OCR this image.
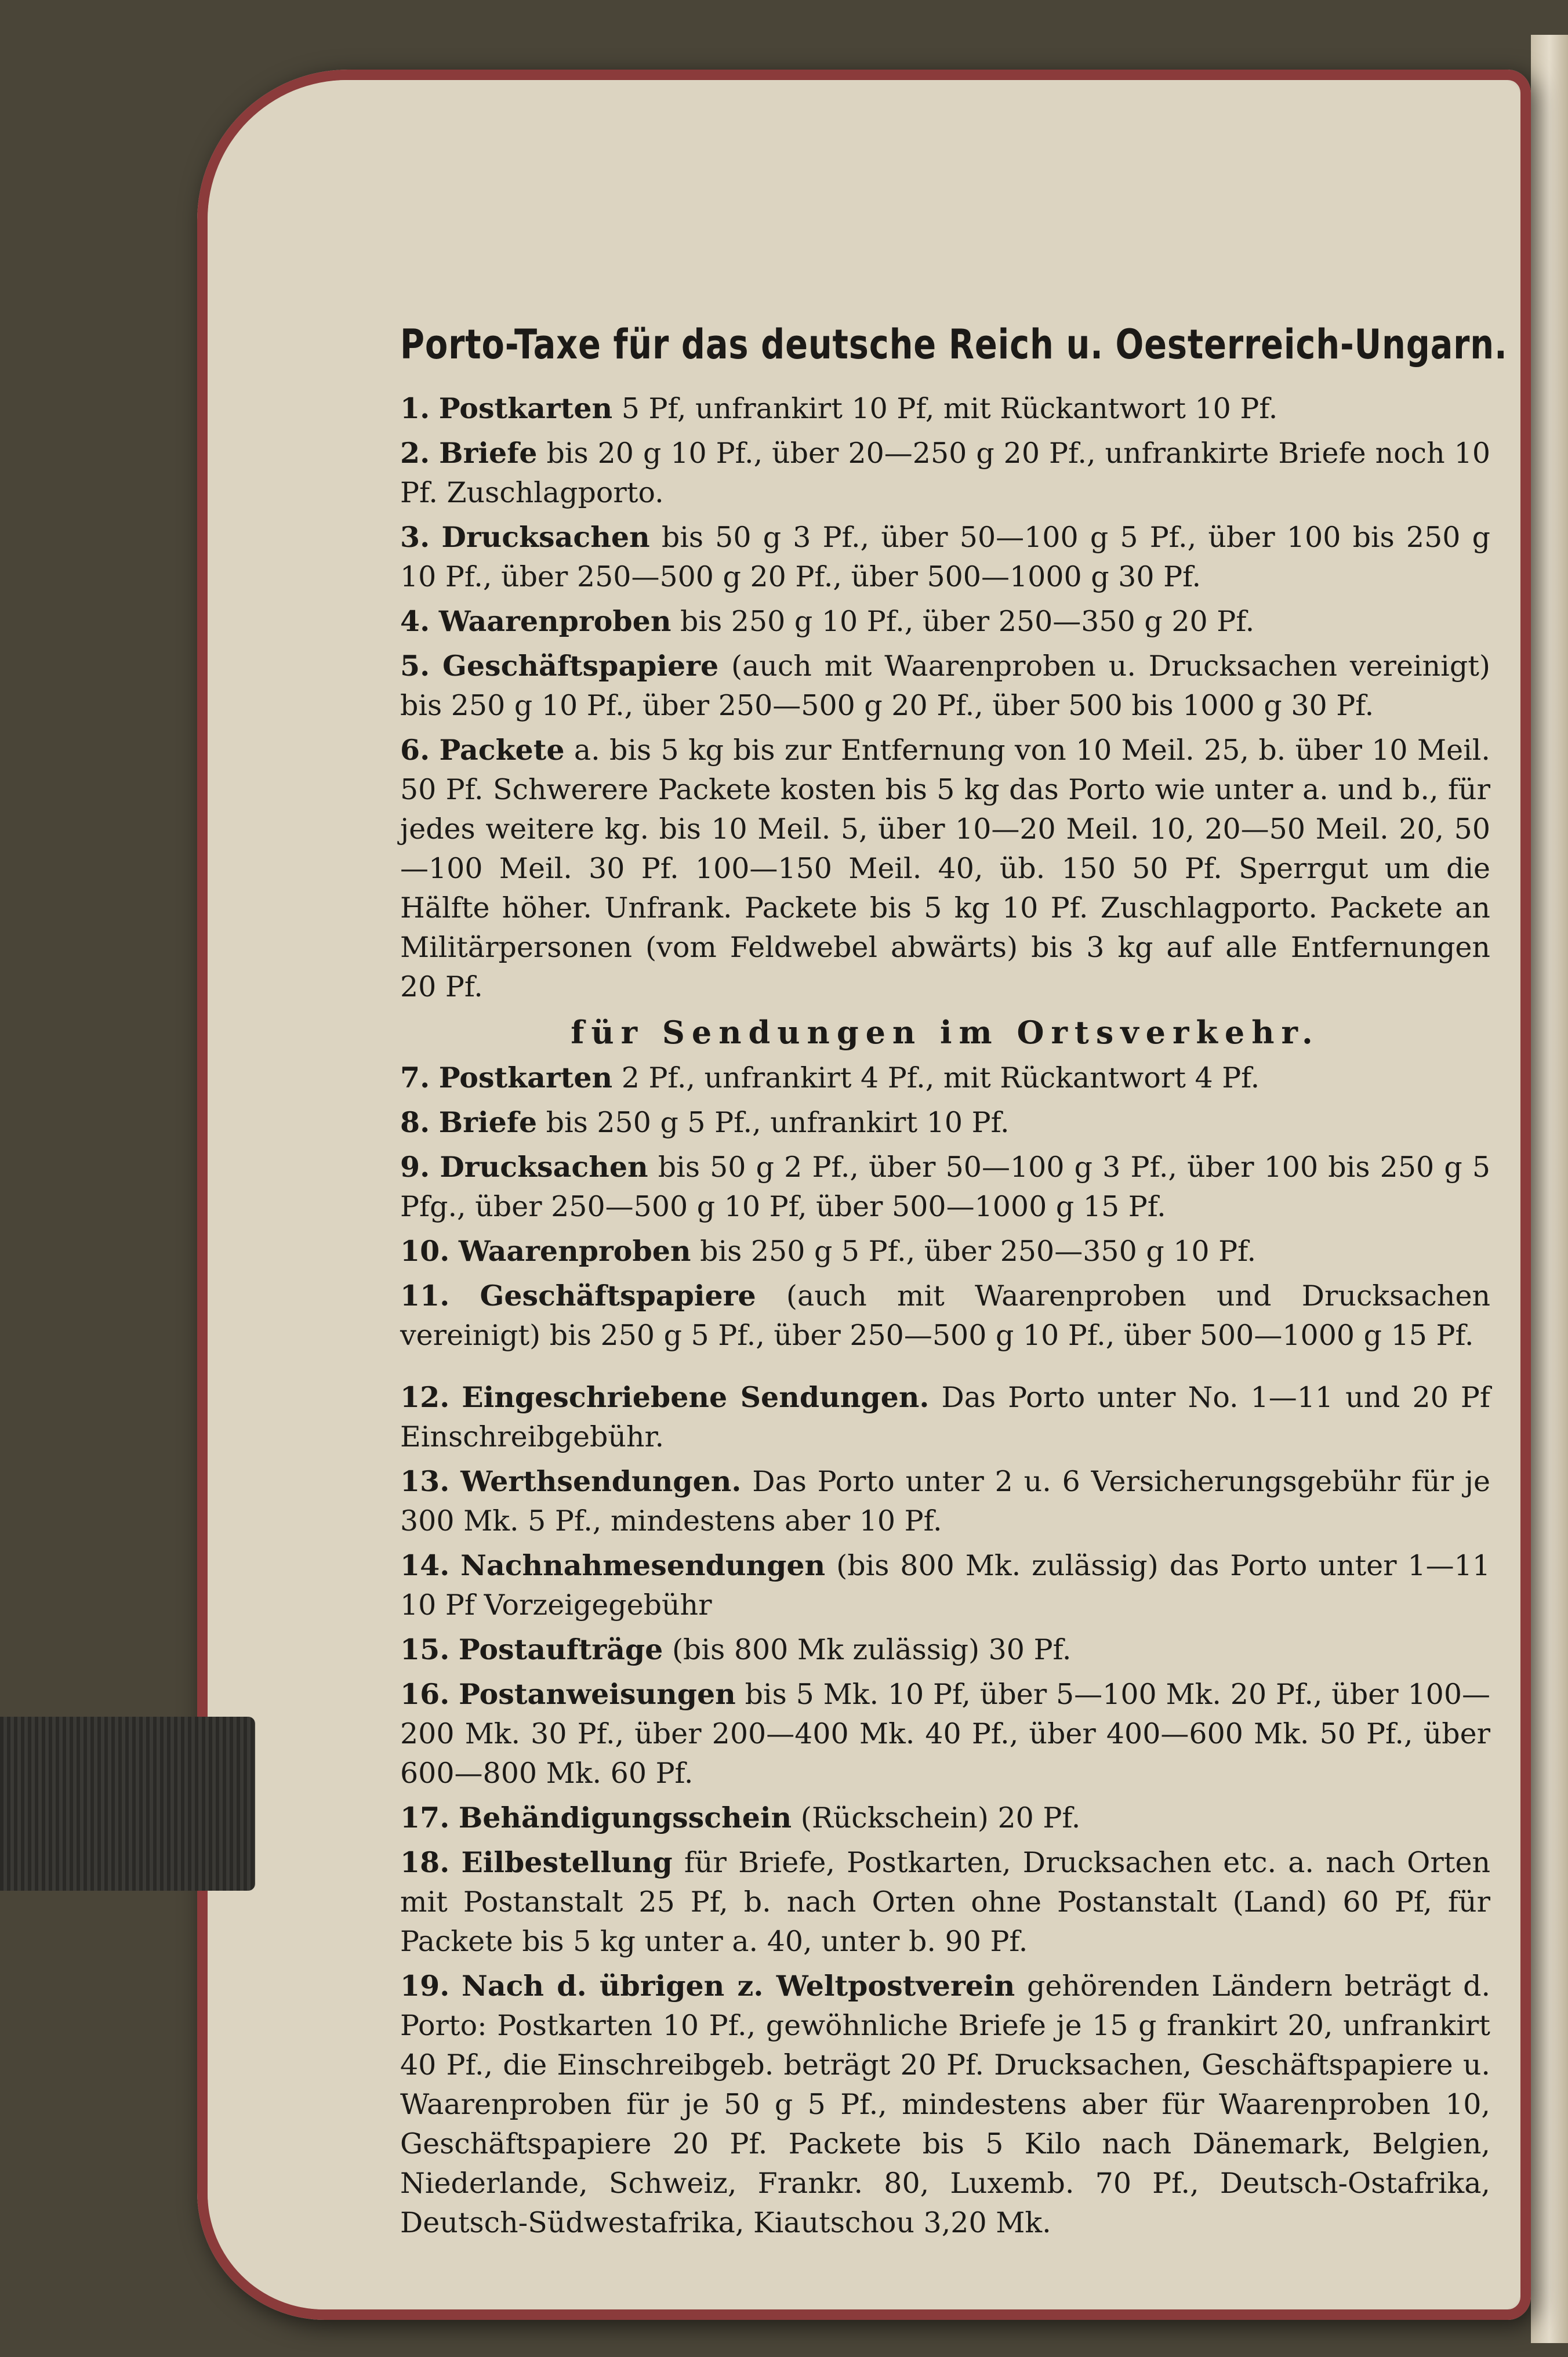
Porto-Taxe für das deutsche Reich u. Oesterreich-Ungarn.
1. Postkarten 5 Pf, unfrankirt 10 Pf, mit Rückantwort 10 Pf.
2. Briefe bis 20 g 10 Pf., über 20—250 g 20 Pf., unfrankirte Briefe noch 10 Pf. Zuschlagporto.
3. Drucksachen bis 50 g 3 Pf., über 50—100 g 5 Pf., über 100 bis 250 g 10 Pf., über 250—500 g 20 Pf., über 500—1000 g 30 Pf.
4. Waarenproben bis 250 g 10 Pf., über 250—350 g 20 Pf.
5. Geschäftspapiere (auch mit Waarenproben u. Drucksachen vereinigt) bis 250 g 10 Pf., über 250—500 g 20 Pf., über 500 bis 1000 g 30 Pf.
6. Packete a. bis 5 kg bis zur Entfernung von 10 Meil. 25, b. über 10 Meil. 50 Pf. Schwerere Packete kosten bis 5 kg das Porto wie unter a. und b., für jedes weitere kg. bis 10 Meil. 5, über 10—20 Meil. 10, 20—50 Meil. 20, 50—100 Meil. 30 Pf. 100—150 Meil. 40, üb. 150 50 Pf. Sperrgut um die Hälfte höher. Unfrank. Packete bis 5 kg 10 Pf. Zuschlagporto. Packete an Militärpersonen (vom Feldwebel abwärts) bis 3 kg auf alle Entfernungen 20 Pf.
für Sendungen im Ortsverkehr.
7. Postkarten 2 Pf., unfrankirt 4 Pf., mit Rückantwort 4 Pf.
8. Briefe bis 250 g 5 Pf., unfrankirt 10 Pf.
9. Drucksachen bis 50 g 2 Pf., über 50—100 g 3 Pf., über 100 bis 250 g 5 Pfg., über 250—500 g 10 Pf, über 500—1000 g 15 Pf.
10. Waarenproben bis 250 g 5 Pf., über 250—350 g 10 Pf.
11. Geschäftspapiere (auch mit Waarenproben und Drucksachen vereinigt) bis 250 g 5 Pf., über 250—500 g 10 Pf., über 500—1000 g 15 Pf.
12. Eingeschriebene Sendungen. Das Porto unter No. 1—11 und 20 Pf Einschreibgebühr.
13. Werthsendungen. Das Porto unter 2 u. 6 Versicherungsgebühr für je 300 Mk. 5 Pf., mindestens aber 10 Pf.
14. Nachnahmesendungen (bis 800 Mk. zulässig) das Porto unter 1—11 10 Pf Vorzeigegebühr
15. Postaufträge (bis 800 Mk zulässig) 30 Pf.
16. Postanweisungen bis 5 Mk. 10 Pf, über 5—100 Mk. 20 Pf., über 100—200 Mk. 30 Pf., über 200—400 Mk. 40 Pf., über 400—600 Mk. 50 Pf., über 600—800 Mk. 60 Pf.
17. Behändigungsschein (Rückschein) 20 Pf.
18. Eilbestellung für Briefe, Postkarten, Drucksachen etc. a. nach Orten mit Postanstalt 25 Pf, b. nach Orten ohne Postanstalt (Land) 60 Pf, für Packete bis 5 kg unter a. 40, unter b. 90 Pf.
19. Nach d. übrigen z. Weltpostverein gehörenden Ländern beträgt d. Porto: Postkarten 10 Pf., gewöhnliche Briefe je 15 g frankirt 20, unfrankirt 40 Pf., die Einschreibgeb. beträgt 20 Pf. Drucksachen, Geschäftspapiere u. Waarenproben für je 50 g 5 Pf., mindestens aber für Waarenproben 10, Geschäftspapiere 20 Pf. Packete bis 5 Kilo nach Dänemark, Belgien, Niederlande, Schweiz, Frankr. 80, Luxemb. 70 Pf., Deutsch-Ostafrika, Deutsch-Südwestafrika, Kiautschou 3,20 Mk.
